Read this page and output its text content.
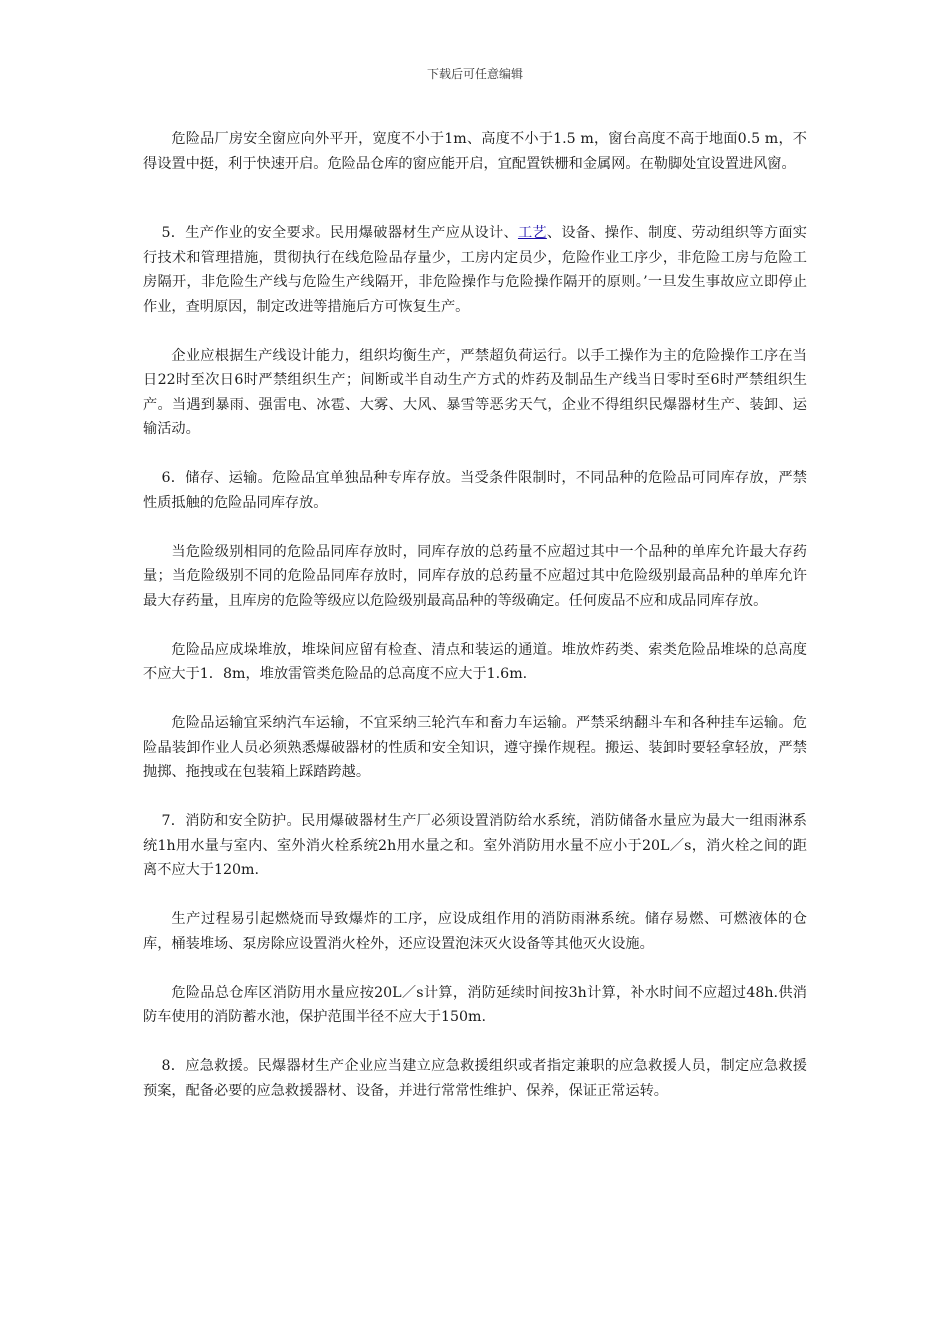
下载后可任意编辑

危险品厂房安全窗应向外平开，宽度不小于1m、高度不小于1.5 m，窗台高度不高于地面0.5 m，不得设置中挺，利于快速开启。危险品仓库的窗应能开启，宜配置铁栅和金属网。在勒脚处宜设置进风窗。

5．生产作业的安全要求。民用爆破器材生产应从设计、工艺、设备、操作、制度、劳动组织等方面实行技术和管理措施，贯彻执行在线危险品存量少，工房内定员少，危险作业工序少，非危险工房与危险工房隔开，非危险生产线与危险生产线隔开，非危险操作与危险操作隔开的原则。’一旦发生事故应立即停止作业，查明原因，制定改进等措施后方可恢复生产。

企业应根据生产线设计能力，组织均衡生产，严禁超负荷运行。以手工操作为主的危险操作工序在当日22时至次日6时严禁组织生产；间断或半自动生产方式的炸药及制品生产线当日零时至6时严禁组织生产。当遇到暴雨、强雷电、冰雹、大雾、大风、暴雪等恶劣天气，企业不得组织民爆器材生产、装卸、运输活动。

6．储存、运输。危险品宜单独品种专库存放。当受条件限制时，不同品种的危险品可同库存放，严禁性质抵触的危险品同库存放。

当危险级别相同的危险品同库存放时，同库存放的总药量不应超过其中一个品种的单库允许最大存药量；当危险级别不同的危险品同库存放时，同库存放的总药量不应超过其中危险级别最高品种的单库允许最大存药量，且库房的危险等级应以危险级别最高品种的等级确定。任何废品不应和成品同库存放。

危险品应成垛堆放，堆垛间应留有检查、清点和装运的通道。堆放炸药类、索类危险品堆垛的总高度不应大于1．8m，堆放雷管类危险品的总高度不应大于1.6m.

危险品运输宜采纳汽车运输，不宜采纳三轮汽车和畜力车运输。严禁采纳翻斗车和各种挂车运输。危险晶装卸作业人员必须熟悉爆破器材的性质和安全知识，遵守操作规程。搬运、装卸时要轻拿轻放，严禁抛掷、拖拽或在包装箱上踩踏跨越。

7．消防和安全防护。民用爆破器材生产厂必须设置消防给水系统，消防储备水量应为最大一组雨淋系统1h用水量与室内、室外消火栓系统2h用水量之和。室外消防用水量不应小于20L／s，消火栓之间的距离不应大于120m.

生产过程易引起燃烧而导致爆炸的工序，应设成组作用的消防雨淋系统。储存易燃、可燃液体的仓库，桶装堆场、泵房除应设置消火栓外，还应设置泡沫灭火设备等其他灭火设施。

危险品总仓库区消防用水量应按20L／s计算，消防延续时间按3h计算，补水时间不应超过48h.供消防车使用的消防蓄水池，保护范围半径不应大于150m.

8．应急救援。民爆器材生产企业应当建立应急救援组织或者指定兼职的应急救援人员，制定应急救援预案，配备必要的应急救援器材、设备，并进行常常性维护、保养，保证正常运转。
